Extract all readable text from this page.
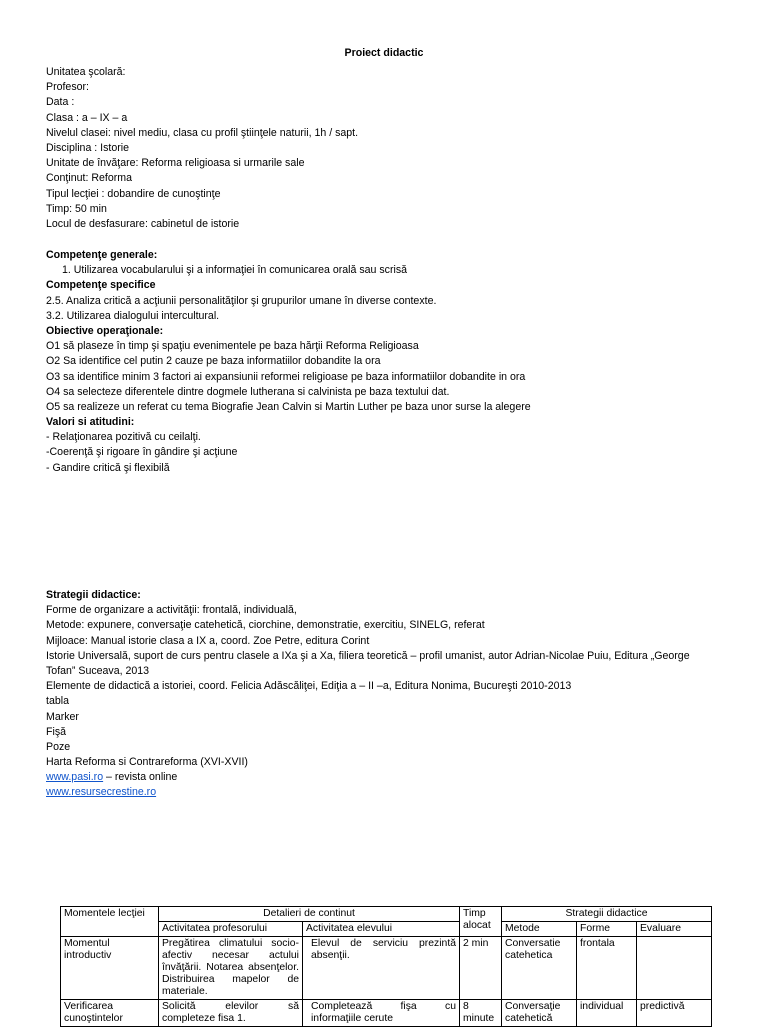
Proiect didactic
Unitatea şcolară:
Profesor:
Data :
Clasa : a – IX – a
Nivelul clasei: nivel mediu, clasa cu profil ştiinţele naturii, 1h / sapt.
Disciplina : Istorie
Unitate de învăţare: Reforma religioasa si urmarile sale
Conţinut: Reforma
Tipul lecţiei : dobandire de cunoştinţe
Timp: 50 min
Locul de desfasurare: cabinetul de istorie
Competenţe generale:
1. Utilizarea vocabularului şi a informaţiei în comunicarea orală sau scrisă
Competenţe specifice
2.5. Analiza critică a acţiunii personalităţilor şi grupurilor umane în diverse contexte.
3.2. Utilizarea dialogului intercultural.
Obiective operaţionale:
O1 să plaseze în timp şi spaţiu evenimentele pe baza hărţii Reforma Religioasa
O2 Sa identifice cel putin 2 cauze pe baza informatiilor dobandite la ora
O3 sa identifice minim 3 factori ai expansiunii reformei religioase pe baza informatiilor dobandite in ora
O4 sa selecteze diferentele dintre dogmele lutherana si calvinista pe baza textului dat.
O5 sa realizeze un referat cu tema Biografie Jean Calvin si Martin Luther pe baza unor surse la alegere
Valori si atitudini:
- Relaţionarea pozitivă cu ceilalţi.
-Coerenţă şi rigoare în gândire şi acţiune
- Gandire critică şi flexibilă
Strategii didactice:
Forme de organizare a activităţii: frontală, individuală,
Metode: expunere, conversaţie catehetică, ciorchine, demonstratie, exercitiu, SINELG, referat
Mijloace: Manual istorie clasa a IX a, coord. Zoe Petre, editura Corint
Istorie Universală, suport de curs pentru clasele a IXa şi a Xa, filiera teoretică – profil umanist, autor Adrian-Nicolae Puiu, Editura „George Tofan” Suceava, 2013
Elemente de didactică a istoriei, coord. Felicia Adăscăliţei, Ediţia a – II –a, Editura Nonima, Bucureşti 2010-2013
tabla
Marker
Fişă
Poze
Harta Reforma si Contrareforma (XVI-XVII)
www.pasi.ro – revista online
www.resursecrestine.ro
Momentele lecţiei	Detalieri de continut		Timp alocat	Strategii didactice		
	Activitatea profesorului	Activitatea elevului		Metode	Forme	Evaluare
Momentul introductiv	Pregătirea climatului socio-afectiv necesar actului învăţării. Notarea absenţelor. Distribuirea mapelor de materiale.	Elevul de serviciu prezintă absenţii.	2 min	Conversatie catehetica	frontala	
Verificarea cunoştintelor	Solicită elevilor să completeze fisa 1.	Completează fişa cu informaţiile cerute	8 minute	Conversaţie catehetică	individual	predictivă
